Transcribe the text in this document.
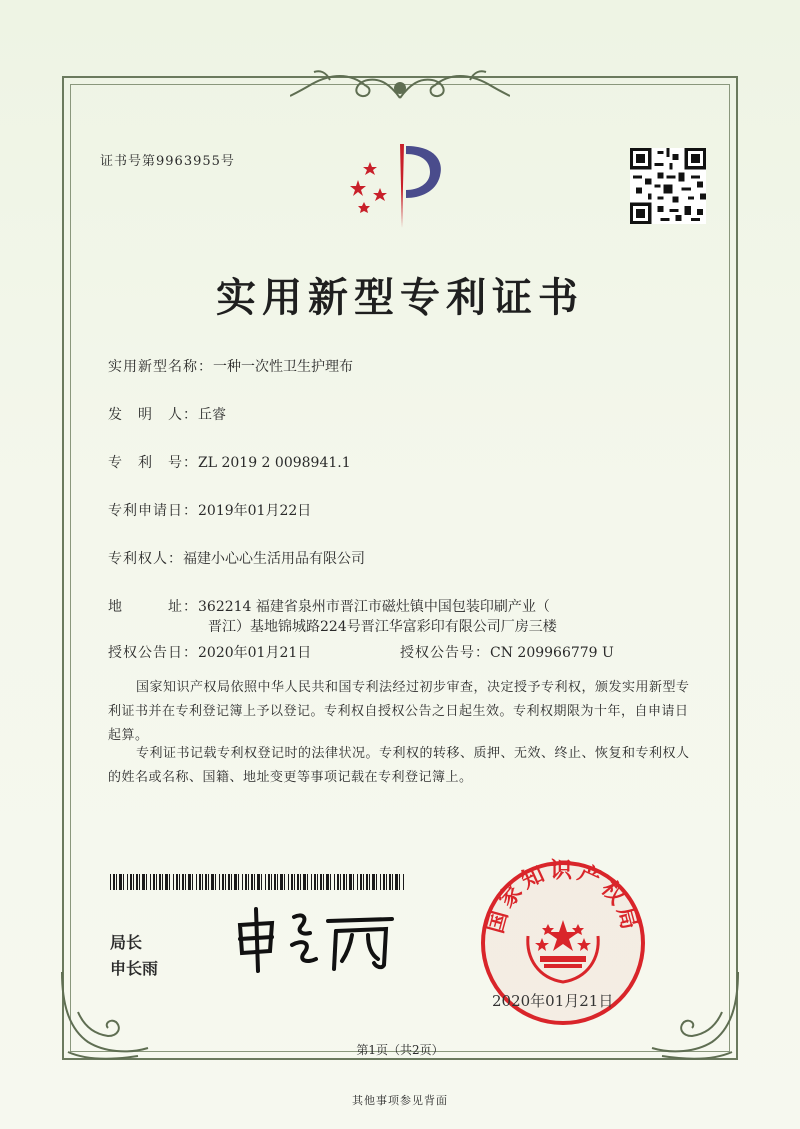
证书号第9963955号
实用新型专利证书
实用新型名称：一种一次性卫生护理布
发　明　人：丘睿
专　利　号：ZL 2019 2 0098941.1
专利申请日：2019年01月22日
专利权人：福建小心心生活用品有限公司
地　　　址：362214 福建省泉州市晋江市磁灶镇中国包装印刷产业（
晋江）基地锦城路224号晋江华富彩印有限公司厂房三楼
授权公告日：2020年01月21日	授权公告号：CN 209966779 U
国家知识产权局依照中华人民共和国专利法经过初步审查，决定授予专利权，颁发实用新型专利证书并在专利登记簿上予以登记。专利权自授权公告之日起生效。专利权期限为十年，自申请日起算。
专利证书记载专利权登记时的法律状况。专利权的转移、质押、无效、终止、恢复和专利权人的姓名或名称、国籍、地址变更等事项记载在专利登记簿上。
局长
申长雨
国家知识产权局
2020年01月21日
第1页（共2页）
其他事项参见背面
